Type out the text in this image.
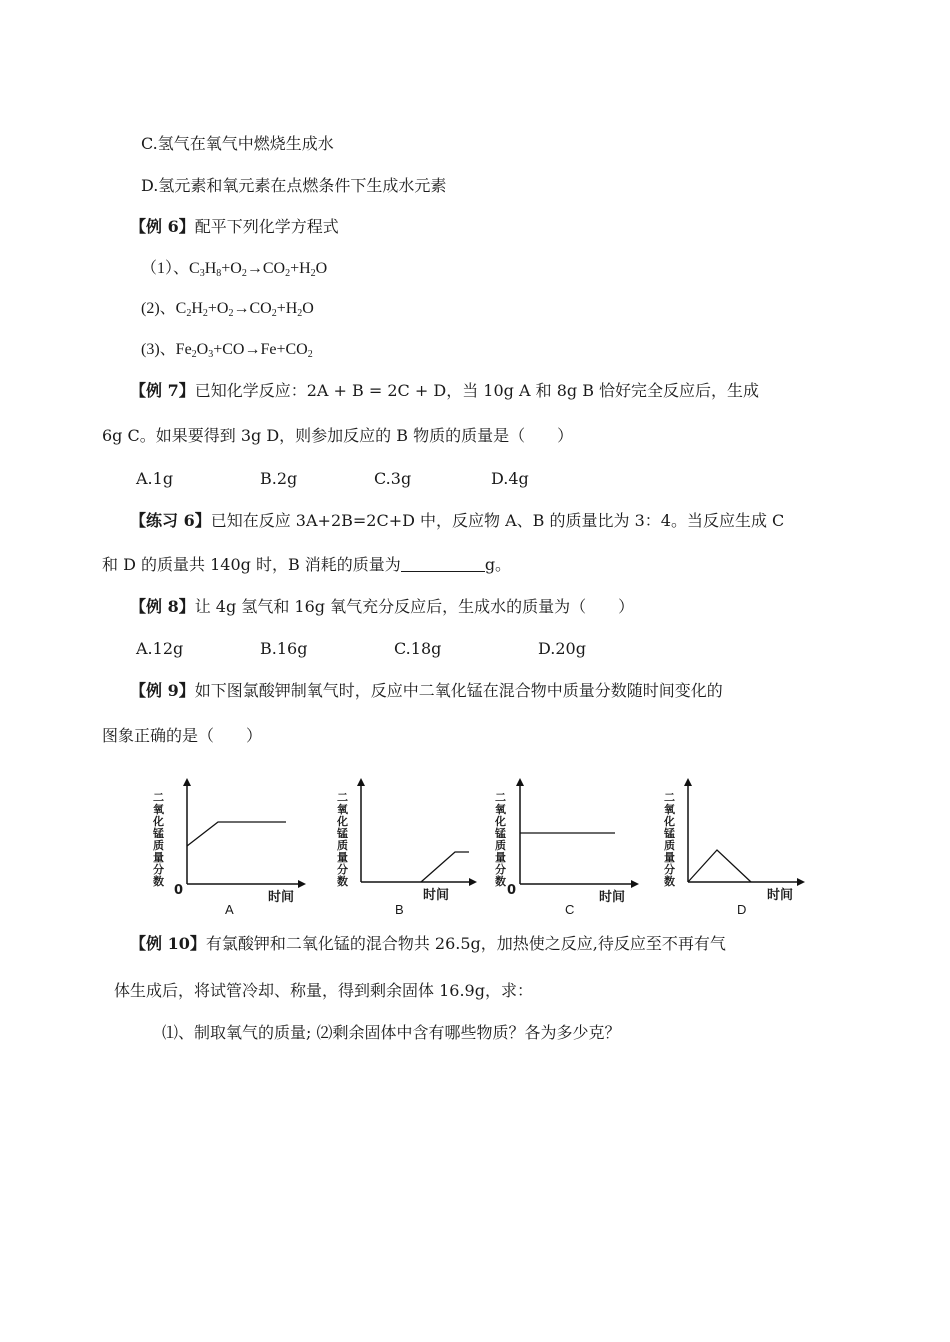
C.氢气在氧气中燃烧生成水
D.氢元素和氧元素在点燃条件下生成水元素
【例 6】配平下列化学方程式
（1）、$C_3H_8+O_2\to CO_2+H_2O$
(2)、$C_2H_2+O_2\to CO_2+H_2O$
(3)、$Fe_2O_3+CO\to Fe+CO_2$
【例 7】已知化学反应：2A + B = 2C + D，当 10g A 和 8g B 恰好完全反应后，生成
6g C。如果要得到 3g D，则参加反应的 B 物质的质量是（　　）
A.1g	B.2g	C.3g	D.4g
【练习 6】已知在反应 3A+2B=2C+D 中，反应物 A、B 的质量比为 3：4。当反应生成 C
和 D 的质量共 140g 时，B 消耗的质量为	g。
【例 8】让 4g 氢气和 16g 氧气充分反应后，生成水的质量为（　　）
A.12g	B.16g	C.18g	D.20g
【例 9】如下图氯酸钾制氧气时，反应中二氧化锰在混合物中质量分数随时间变化的
图象正确的是（　　）
二氧化锰质量分数
0	时间
A
二氧化锰质量分数
时间
B
二氧化锰质量分数
0	时间
C
二氧化锰质量分数
时间
D
【例 10】有氯酸钾和二氧化锰的混合物共 26.5g，加热使之反应,待反应至不再有气
体生成后，将试管冷却、称量，得到剩余固体 16.9g，求：
⑴、制取氧气的质量; ⑵剩余固体中含有哪些物质？各为多少克？
